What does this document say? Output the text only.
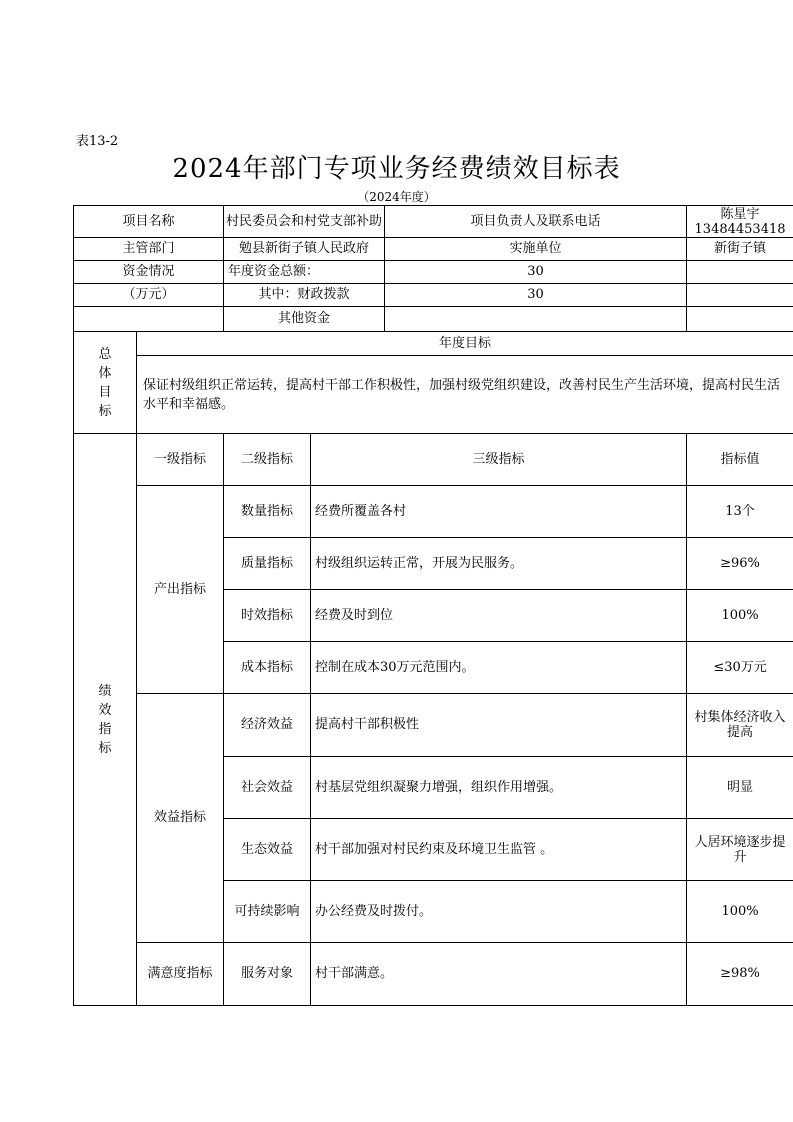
表13-2
2024年部门专项业务经费绩效目标表
（2024年度）
项目名称		村民委员会和村党支部补助		项目负责人及联系电话	陈星宇 13484453418
主管部门		勉县新街子镇人民政府		实施单位	新街子镇
资金情况		年度资金总额：		30	
（万元）		其中：财政拨款		30	
		其他资金			
总体目标	年度目标				
	保证村级组织正常运转，提高村干部工作积极性，加强村级党组织建设，改善村民生产生活环境，提高村民生活水平和幸福感。				
绩效指标	一级指标	二级指标	三级指标		指标值
	产出指标	数量指标	经费所覆盖各村		13个
		质量指标	村级组织运转正常，开展为民服务。		≥96%
		时效指标	经费及时到位		100%
		成本指标	控制在成本30万元范围内。		≤30万元
	效益指标	经济效益	提高村干部积极性		村集体经济收入提高
		社会效益	村基层党组织凝聚力增强，组织作用增强。		明显
		生态效益	村干部加强对村民约束及环境卫生监管 。		人居环境逐步提升
		可持续影响	办公经费及时拨付。		100%
	满意度指标	服务对象	村干部满意。		≥98%
